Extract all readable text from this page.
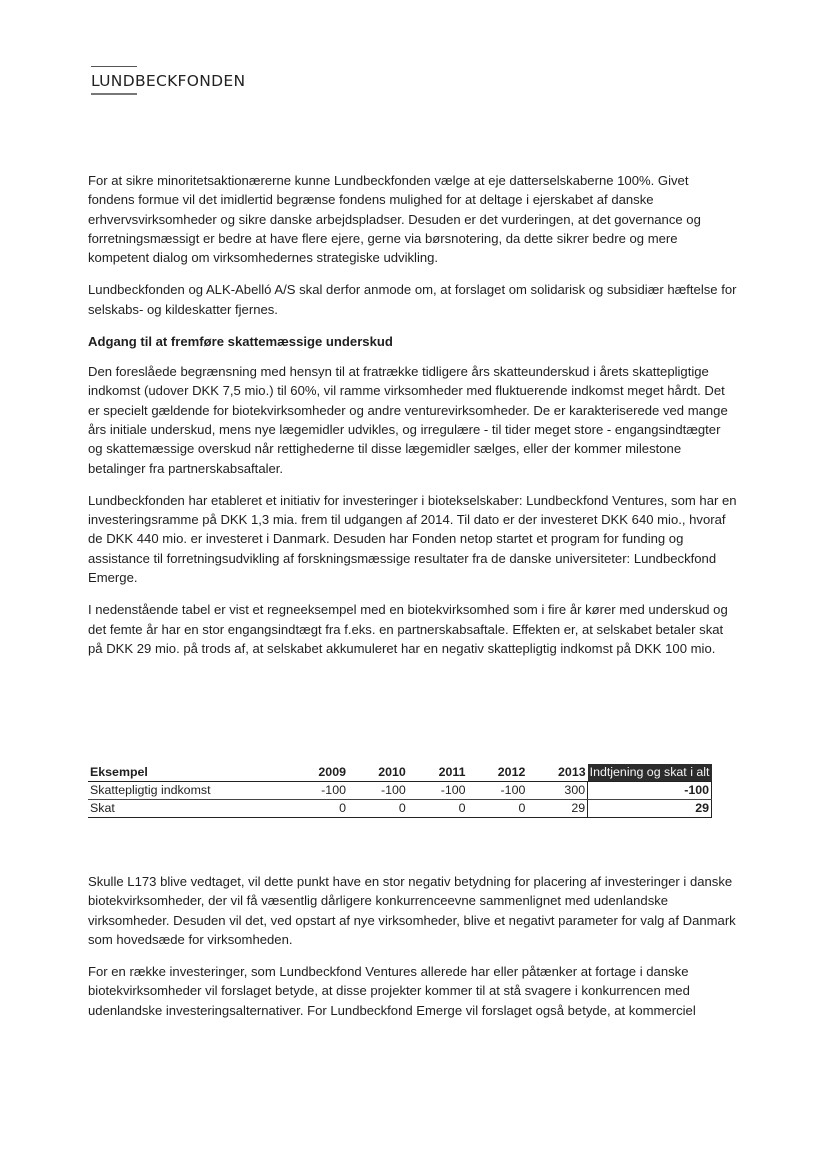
LUNDBECKFONDEN

For at sikre minoritetsaktionærerne kunne Lundbeckfonden vælge at eje datterselskaberne 100%. Givet fondens formue vil det imidlertid begrænse fondens mulighed for at deltage i ejerskabet af danske erhvervsvirksomheder og sikre danske arbejdspladser. Desuden er det vurderingen, at det governance og forretningsmæssigt er bedre at have flere ejere, gerne via børsnotering, da dette sikrer bedre og mere kompetent dialog om virksomhedernes strategiske udvikling.

Lundbeckfonden og ALK-Abelló A/S skal derfor anmode om, at forslaget om solidarisk og subsidiær hæftelse for selskabs- og kildeskatter fjernes.

Adgang til at fremføre skattemæssige underskud

Den foreslåede begrænsning med hensyn til at fratrække tidligere års skatteunderskud i årets skattepligtige indkomst (udover DKK 7,5 mio.) til 60%, vil ramme virksomheder med fluktuerende indkomst meget hårdt. Det er specielt gældende for biotekvirksomheder og andre venturevirksomheder. De er karakteriserede ved mange års initiale underskud, mens nye lægemidler udvikles, og irregulære - til tider meget store - engangsindtægter og skattemæssige overskud når rettighederne til disse lægemidler sælges, eller der kommer milestone betalinger fra partnerskabsaftaler.

Lundbeckfonden har etableret et initiativ for investeringer i biotekselskaber: Lundbeckfond Ventures, som har en investeringsramme på DKK 1,3 mia. frem til udgangen af 2014. Til dato er der investeret DKK 640 mio., hvoraf de DKK 440 mio. er investeret i Danmark. Desuden har Fonden netop startet et program for funding og assistance til forretningsudvikling af forskningsmæssige resultater fra de danske universiteter: Lundbeckfond Emerge.

I nedenstående tabel er vist et regneeksempel med en biotekvirksomhed som i fire år kører med underskud og det femte år har en stor engangsindtægt fra f.eks. en partnerskabsaftale. Effekten er, at selskabet betaler skat på DKK 29 mio. på trods af, at selskabet akkumuleret har en negativ skattepligtig indkomst på DKK 100 mio.

Eksempel	2009	2010	2011	2012	2013	Indtjening og skat i alt
Skattepligtig indkomst	-100	-100	-100	-100	300	-100
Skat	0	0	0	0	29	29

Skulle L173 blive vedtaget, vil dette punkt have en stor negativ betydning for placering af investeringer i danske biotekvirksomheder, der vil få væsentlig dårligere konkurrenceevne sammenlignet med udenlandske virksomheder. Desuden vil det, ved opstart af nye virksomheder, blive et negativt parameter for valg af Danmark som hovedsæde for virksomheden.

For en række investeringer, som Lundbeckfond Ventures allerede har eller påtænker at fortage i danske biotekvirksomheder vil forslaget betyde, at disse projekter kommer til at stå svagere i konkurrencen med udenlandske investeringsalternativer. For Lundbeckfond Emerge vil forslaget også betyde, at kommerciel
